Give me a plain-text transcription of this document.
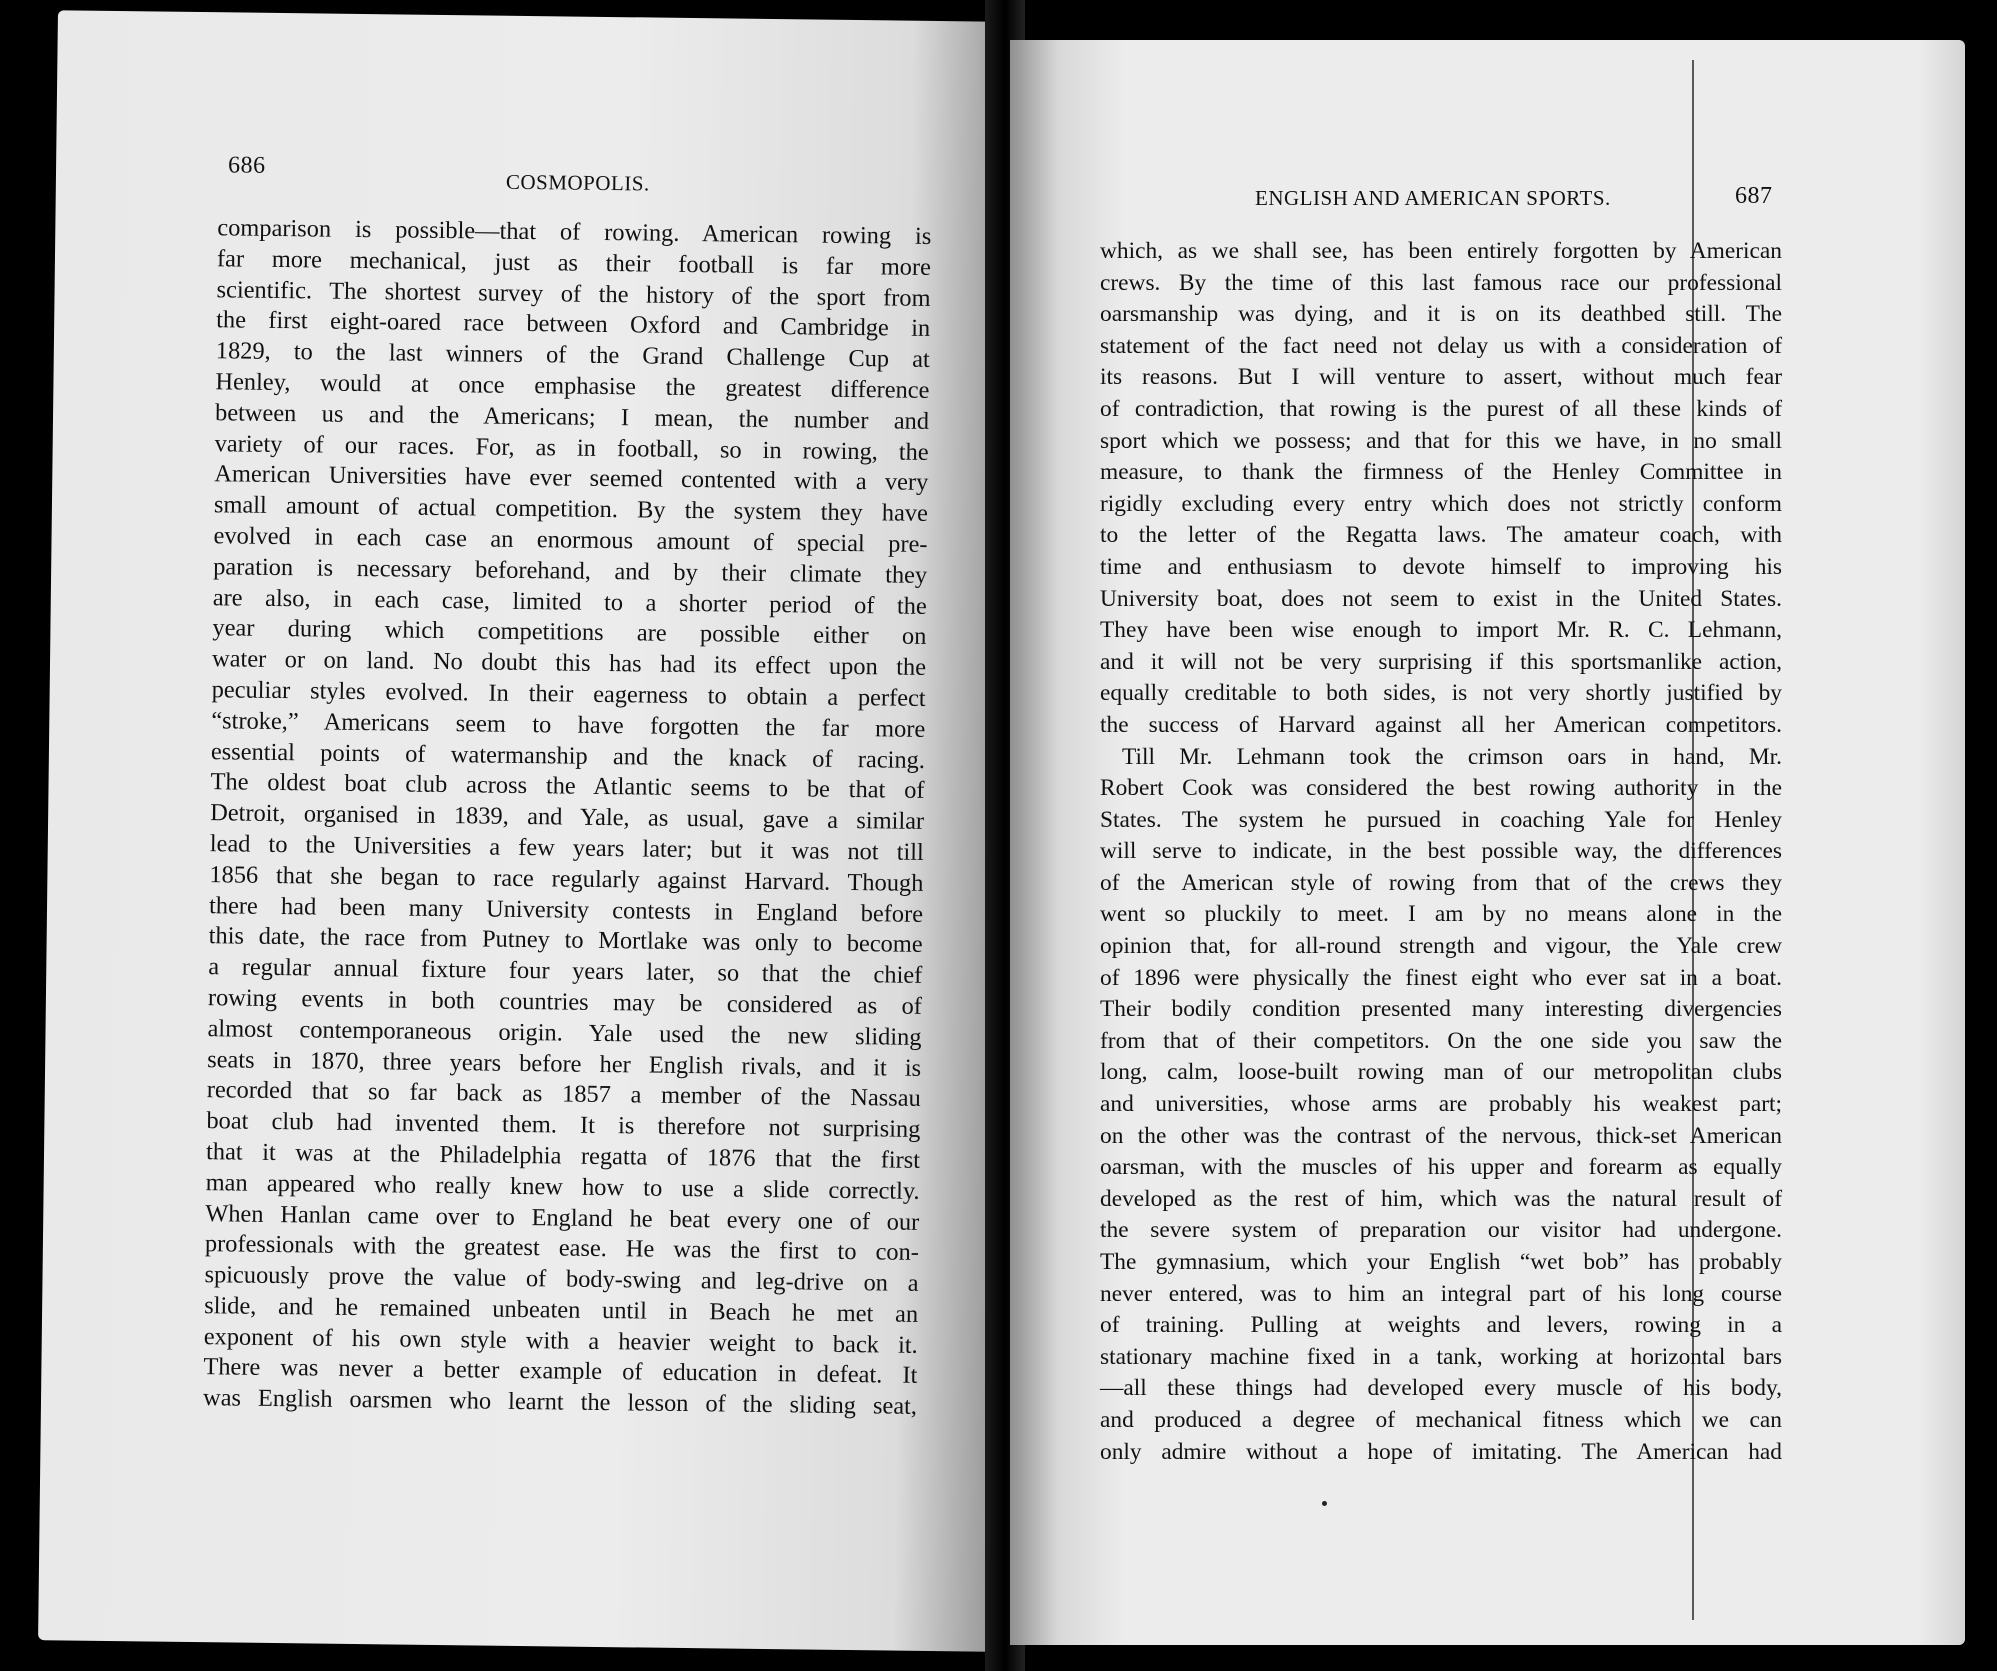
686
COSMOPOLIS.
comparison is possible—that of rowing. American rowing is
far more mechanical, just as their football is far more
scientific. The shortest survey of the history of the sport from
the first eight-oared race between Oxford and Cambridge in
1829, to the last winners of the Grand Challenge Cup at
Henley, would at once emphasise the greatest difference
between us and the Americans; I mean, the number and
variety of our races. For, as in football, so in rowing, the
American Universities have ever seemed contented with a very
small amount of actual competition. By the system they have
evolved in each case an enormous amount of special pre-
paration is necessary beforehand, and by their climate they
are also, in each case, limited to a shorter period of the
year during which competitions are possible either on
water or on land. No doubt this has had its effect upon the
peculiar styles evolved. In their eagerness to obtain a perfect
“stroke,” Americans seem to have forgotten the far more
essential points of watermanship and the knack of racing.
The oldest boat club across the Atlantic seems to be that of
Detroit, organised in 1839, and Yale, as usual, gave a similar
lead to the Universities a few years later; but it was not till
1856 that she began to race regularly against Harvard. Though
there had been many University contests in England before
this date, the race from Putney to Mortlake was only to become
a regular annual fixture four years later, so that the chief
rowing events in both countries may be considered as of
almost contemporaneous origin. Yale used the new sliding
seats in 1870, three years before her English rivals, and it is
recorded that so far back as 1857 a member of the Nassau
boat club had invented them. It is therefore not surprising
that it was at the Philadelphia regatta of 1876 that the first
man appeared who really knew how to use a slide correctly.
When Hanlan came over to England he beat every one of our
professionals with the greatest ease. He was the first to con-
spicuously prove the value of body-swing and leg-drive on a
slide, and he remained unbeaten until in Beach he met an
exponent of his own style with a heavier weight to back it.
There was never a better example of education in defeat. It
was English oarsmen who learnt the lesson of the sliding seat,
ENGLISH AND AMERICAN SPORTS.	687
which, as we shall see, has been entirely forgotten by American
crews. By the time of this last famous race our professional
oarsmanship was dying, and it is on its deathbed still. The
statement of the fact need not delay us with a consideration of
its reasons. But I will venture to assert, without much fear
of contradiction, that rowing is the purest of all these kinds of
sport which we possess; and that for this we have, in no small
measure, to thank the firmness of the Henley Committee in
rigidly excluding every entry which does not strictly conform
to the letter of the Regatta laws. The amateur coach, with
time and enthusiasm to devote himself to improving his
University boat, does not seem to exist in the United States.
They have been wise enough to import Mr. R. C. Lehmann,
and it will not be very surprising if this sportsmanlike action,
equally creditable to both sides, is not very shortly justified by
the success of Harvard against all her American competitors.
Till Mr. Lehmann took the crimson oars in hand, Mr.
Robert Cook was considered the best rowing authority in the
States. The system he pursued in coaching Yale for Henley
will serve to indicate, in the best possible way, the differences
of the American style of rowing from that of the crews they
went so pluckily to meet. I am by no means alone in the
opinion that, for all-round strength and vigour, the Yale crew
of 1896 were physically the finest eight who ever sat in a boat.
Their bodily condition presented many interesting divergencies
from that of their competitors. On the one side you saw the
long, calm, loose-built rowing man of our metropolitan clubs
and universities, whose arms are probably his weakest part;
on the other was the contrast of the nervous, thick-set American
oarsman, with the muscles of his upper and forearm as equally
developed as the rest of him, which was the natural result of
the severe system of preparation our visitor had undergone.
The gymnasium, which your English “wet bob” has probably
never entered, was to him an integral part of his long course
of training. Pulling at weights and levers, rowing in a
stationary machine fixed in a tank, working at horizontal bars
—all these things had developed every muscle of his body,
and produced a degree of mechanical fitness which we can
only admire without a hope of imitating. The American had
